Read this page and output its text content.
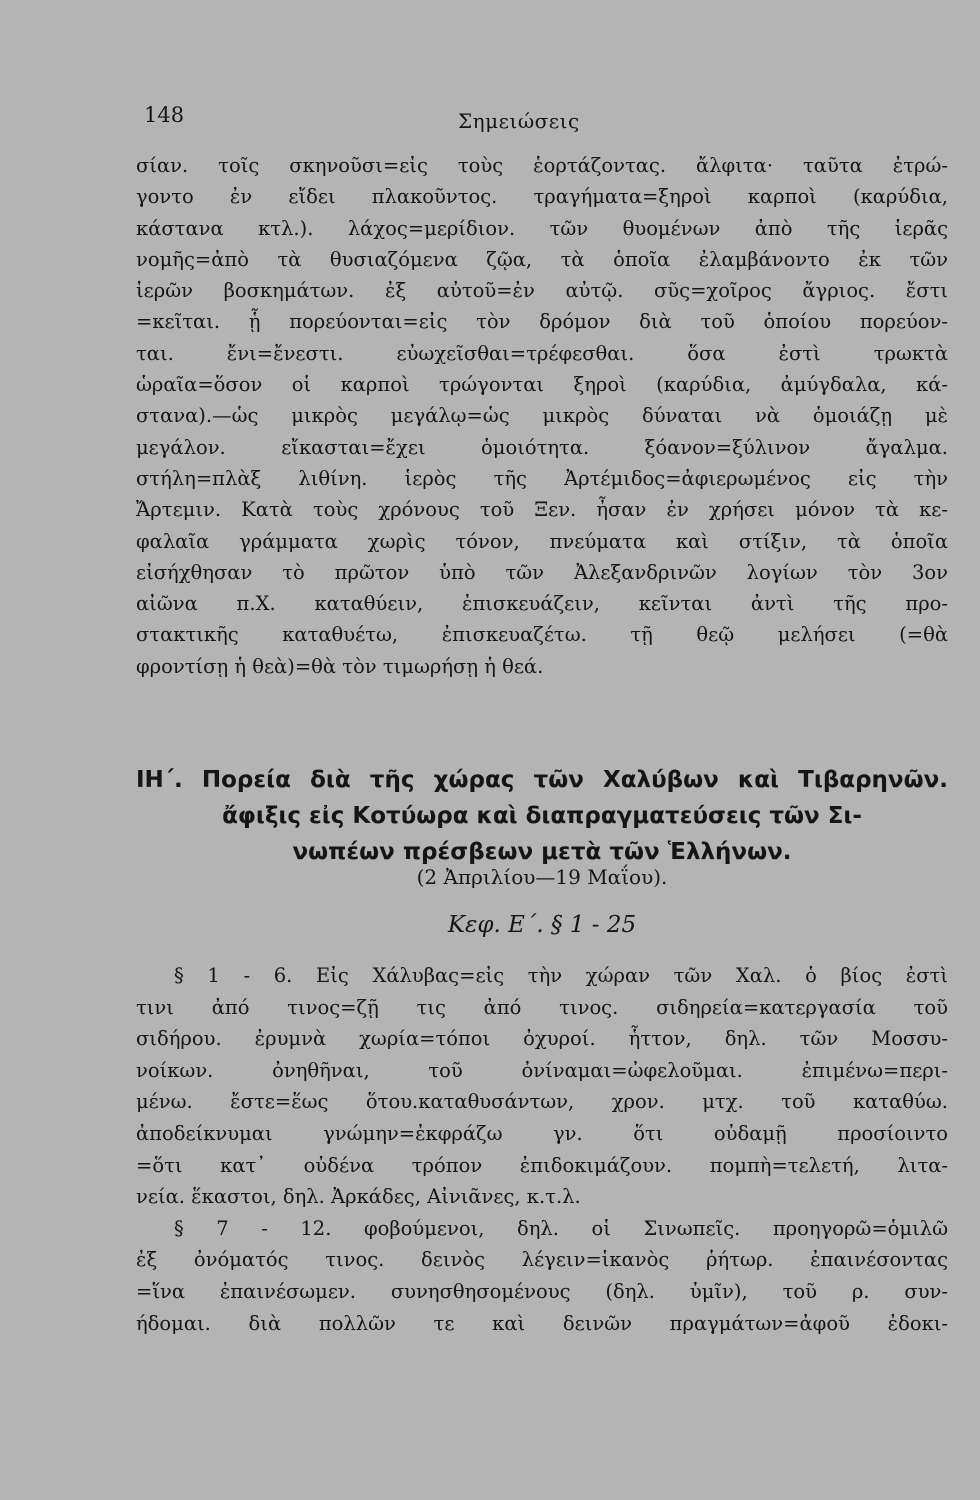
148	Σημειώσεις
σίαν. τοῖς σκηνοῦσι=εἰς τοὺς ἑορτάζοντας. ἄλφιτα· ταῦτα ἐτρώ-
γοντο ἐν εἴδει πλακοῦντος. τραγήματα=ξηροὶ καρποὶ (καρύδια,
κάστανα κτλ.). λάχος=μερίδιον. τῶν θυομένων ἀπὸ τῆς ἱερᾶς
νομῆς=ἀπὸ τὰ θυσιαζόμενα ζῷα, τὰ ὁποῖα ἐλαμβάνοντο ἐκ τῶν
ἱερῶν βοσκημάτων. ἐξ αὐτοῦ=ἐν αὐτῷ. σῦς=χοῖρος ἄγριος. ἔστι
=κεῖται. ᾗ πορεύονται=εἰς τὸν δρόμον διὰ τοῦ ὁποίου πορεύον-
ται. ἔνι=ἔνεστι. εὐωχεῖσθαι=τρέφεσθαι. ὅσα ἐστὶ τρωκτὰ
ὡραῖα=ὅσον οἱ καρποὶ τρώγονται ξηροὶ (καρύδια, ἀμύγδαλα, κά-
στανα).—ὡς μικρὸς μεγάλῳ=ὡς μικρὸς δύναται νὰ ὁμοιάζῃ μὲ
μεγάλον. εἴκασται=ἔχει ὁμοιότητα. ξόανον=ξύλινον ἄγαλμα.
στήλη=πλὰξ λιθίνη. ἱερὸς τῆς Ἀρτέμιδος=ἀφιερωμένος εἰς τὴν
Ἄρτεμιν. Κατὰ τοὺς χρόνους τοῦ Ξεν. ἦσαν ἐν χρήσει μόνον τὰ κε-
φαλαῖα γράμματα χωρὶς τόνον, πνεύματα καὶ στίξιν, τὰ ὁποῖα
εἰσήχθησαν τὸ πρῶτον ὑπὸ τῶν Ἀλεξανδρινῶν λογίων τὸν 3ον
αἰῶνα π.Χ. καταθύειν, ἐπισκευάζειν, κεῖνται ἀντὶ τῆς προ-
στακτικῆς καταθυέτω, ἐπισκευαζέτω. τῇ θεῷ μελήσει (=θὰ
φροντίσῃ ἡ θεὰ)=θὰ τὸν τιμωρήσῃ ἡ θεά.
ΙΗ΄. Πορεία διὰ τῆς χώρας τῶν Χαλύβων καὶ Τιβαρηνῶν.
ἄφιξις εἰς Κοτύωρα καὶ διαπραγματεύσεις τῶν Σι-
νωπέων πρέσβεων μετὰ τῶν Ἑλλήνων.
(2 Ἀπριλίου—19 Μαΐου).
Κεφ. Ε΄. § 1 - 25
§ 1 - 6. Εἰς Χάλυβας=εἰς τὴν χώραν τῶν Χαλ. ὁ βίος ἐστὶ
τινι ἀπό τινος=ζῇ τις ἀπό τινος. σιδηρεία=κατεργασία τοῦ
σιδήρου. ἐρυμνὰ χωρία=τόποι ὀχυροί. ἧττον, δηλ. τῶν Μοσσυ-
νοίκων. ὀνηθῆναι, τοῦ ὀνίναμαι=ὠφελοῦμαι. ἐπιμένω=περι-
μένω. ἔστε=ἕως ὅτου.καταθυσάντων, χρον. μτχ. τοῦ καταθύω.
ἀποδείκνυμαι γνώμην=ἐκφράζω γν. ὅτι οὐδαμῇ προσίοιντο
=ὅτι κατ᾽ οὐδένα τρόπον ἐπιδοκιμάζουν. πομπὴ=τελετή, λιτα-
νεία. ἕκαστοι, δηλ. Ἀρκάδες, Αἰνιᾶνες, κ.τ.λ.
§ 7 - 12. φοβούμενοι, δηλ. οἱ Σινωπεῖς. προηγορῶ=ὁμιλῶ
ἐξ ὀνόματός τινος. δεινὸς λέγειν=ἱκανὸς ῥήτωρ. ἐπαινέσοντας
=ἵνα ἐπαινέσωμεν. συνησθησομένους (δηλ. ὑμῖν), τοῦ ρ. συν-
ήδομαι. διὰ πολλῶν τε καὶ δεινῶν πραγμάτων=ἀφοῦ ἐδοκι-
